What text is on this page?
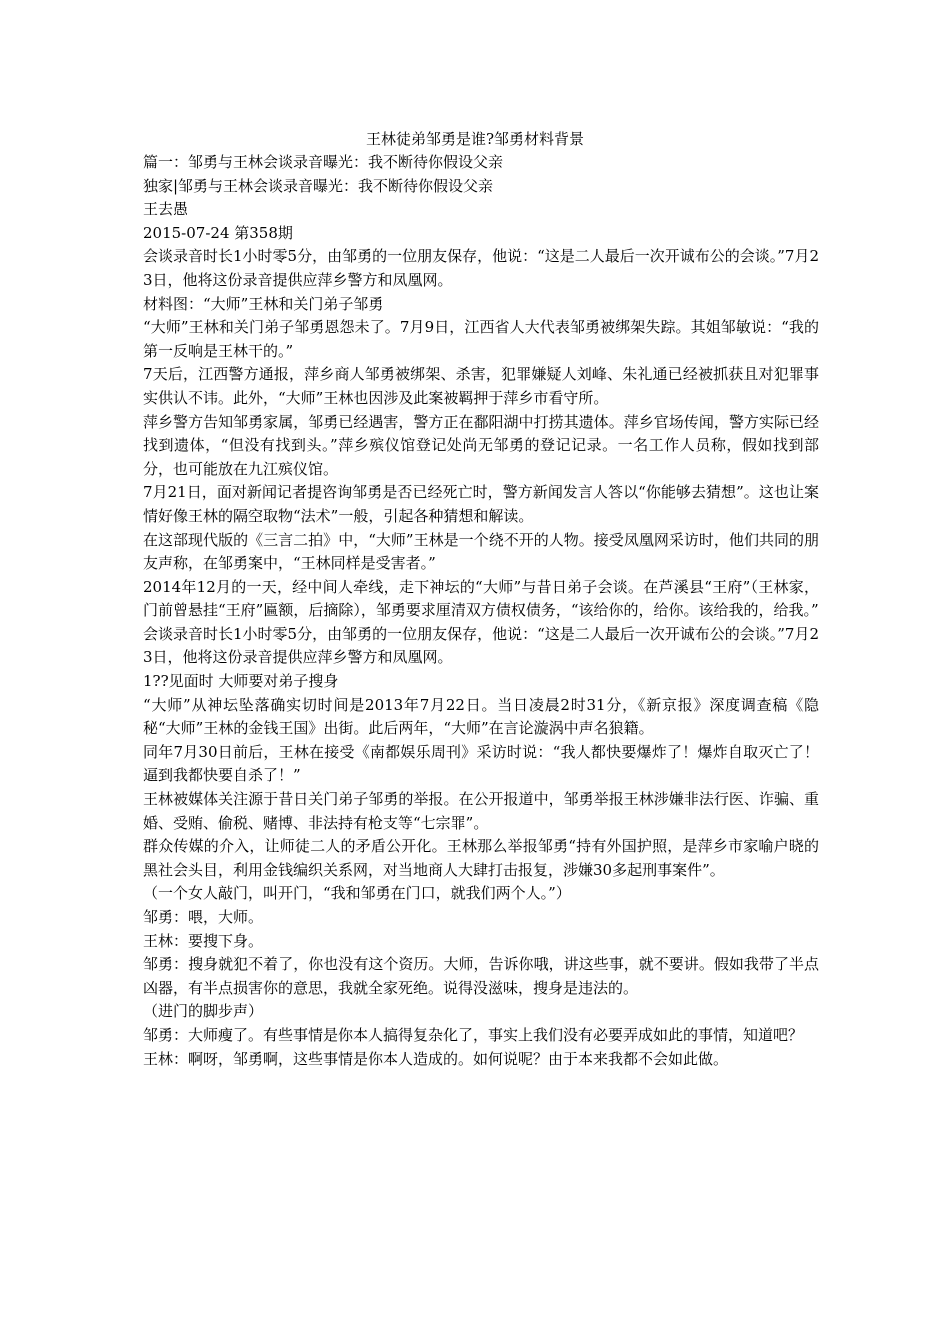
王林徒弟邹勇是谁?邹勇材料背景

篇一：邹勇与王林会谈录音曝光：我不断待你假设父亲

独家|邹勇与王林会谈录音曝光：我不断待你假设父亲

王去愚

2015-07-24 第358期

会谈录音时长1小时零5分，由邹勇的一位朋友保存，他说：“这是二人最后一次开诚布公的会谈。”7月23日，他将这份录音提供应萍乡警方和凤凰网。

材料图：“大师”王林和关门弟子邹勇

“大师”王林和关门弟子邹勇恩怨未了。7月9日，江西省人大代表邹勇被绑架失踪。其姐邹敏说：“我的第一反响是王林干的。”

7天后，江西警方通报，萍乡商人邹勇被绑架、杀害，犯罪嫌疑人刘峰、朱礼通已经被抓获且对犯罪事实供认不讳。此外，“大师”王林也因涉及此案被羁押于萍乡市看守所。

萍乡警方告知邹勇家属，邹勇已经遇害，警方正在鄱阳湖中打捞其遗体。萍乡官场传闻，警方实际已经找到遗体，“但没有找到头。”萍乡殡仪馆登记处尚无邹勇的登记记录。一名工作人员称，假如找到部分，也可能放在九江殡仪馆。

7月21日，面对新闻记者提咨询邹勇是否已经死亡时，警方新闻发言人答以“你能够去猜想”。这也让案情好像王林的隔空取物“法术”一般，引起各种猜想和解读。

在这部现代版的《三言二拍》中，“大师”王林是一个绕不开的人物。接受凤凰网采访时，他们共同的朋友声称，在邹勇案中，“王林同样是受害者。”

2014年12月的一天，经中间人牵线，走下神坛的“大师”与昔日弟子会谈。在芦溪县“王府”（王林家，门前曾悬挂“王府”匾额，后摘除），邹勇要求厘清双方债权债务，“该给你的，给你。该给我的，给我。”

会谈录音时长1小时零5分，由邹勇的一位朋友保存，他说：“这是二人最后一次开诚布公的会谈。”7月23日，他将这份录音提供应萍乡警方和凤凰网。

1??见面时 大师要对弟子搜身

“大师”从神坛坠落确实切时间是2013年7月22日。当日凌晨2时31分，《新京报》深度调查稿《隐秘“大师”王林的金钱王国》出街。此后两年，“大师”在言论漩涡中声名狼籍。

同年7月30日前后，王林在接受《南都娱乐周刊》采访时说：“我人都快要爆炸了！爆炸自取灭亡了！逼到我都快要自杀了！”

王林被媒体关注源于昔日关门弟子邹勇的举报。在公开报道中，邹勇举报王林涉嫌非法行医、诈骗、重婚、受贿、偷税、赌博、非法持有枪支等“七宗罪”。

群众传媒的介入，让师徒二人的矛盾公开化。王林那么举报邹勇“持有外国护照，是萍乡市家喻户晓的黑社会头目，利用金钱编织关系网，对当地商人大肆打击报复，涉嫌30多起刑事案件”。

（一个女人敲门，叫开门，“我和邹勇在门口，就我们两个人。”）

邹勇：喂，大师。

王林：要搜下身。

邹勇：搜身就犯不着了，你也没有这个资历。大师，告诉你哦，讲这些事，就不要讲。假如我带了半点凶器，有半点损害你的意思，我就全家死绝。说得没滋味，搜身是违法的。

（进门的脚步声）

邹勇：大师瘦了。有些事情是你本人搞得复杂化了，事实上我们没有必要弄成如此的事情，知道吧？

王林：啊呀，邹勇啊，这些事情是你本人造成的。如何说呢？由于本来我都不会如此做。
